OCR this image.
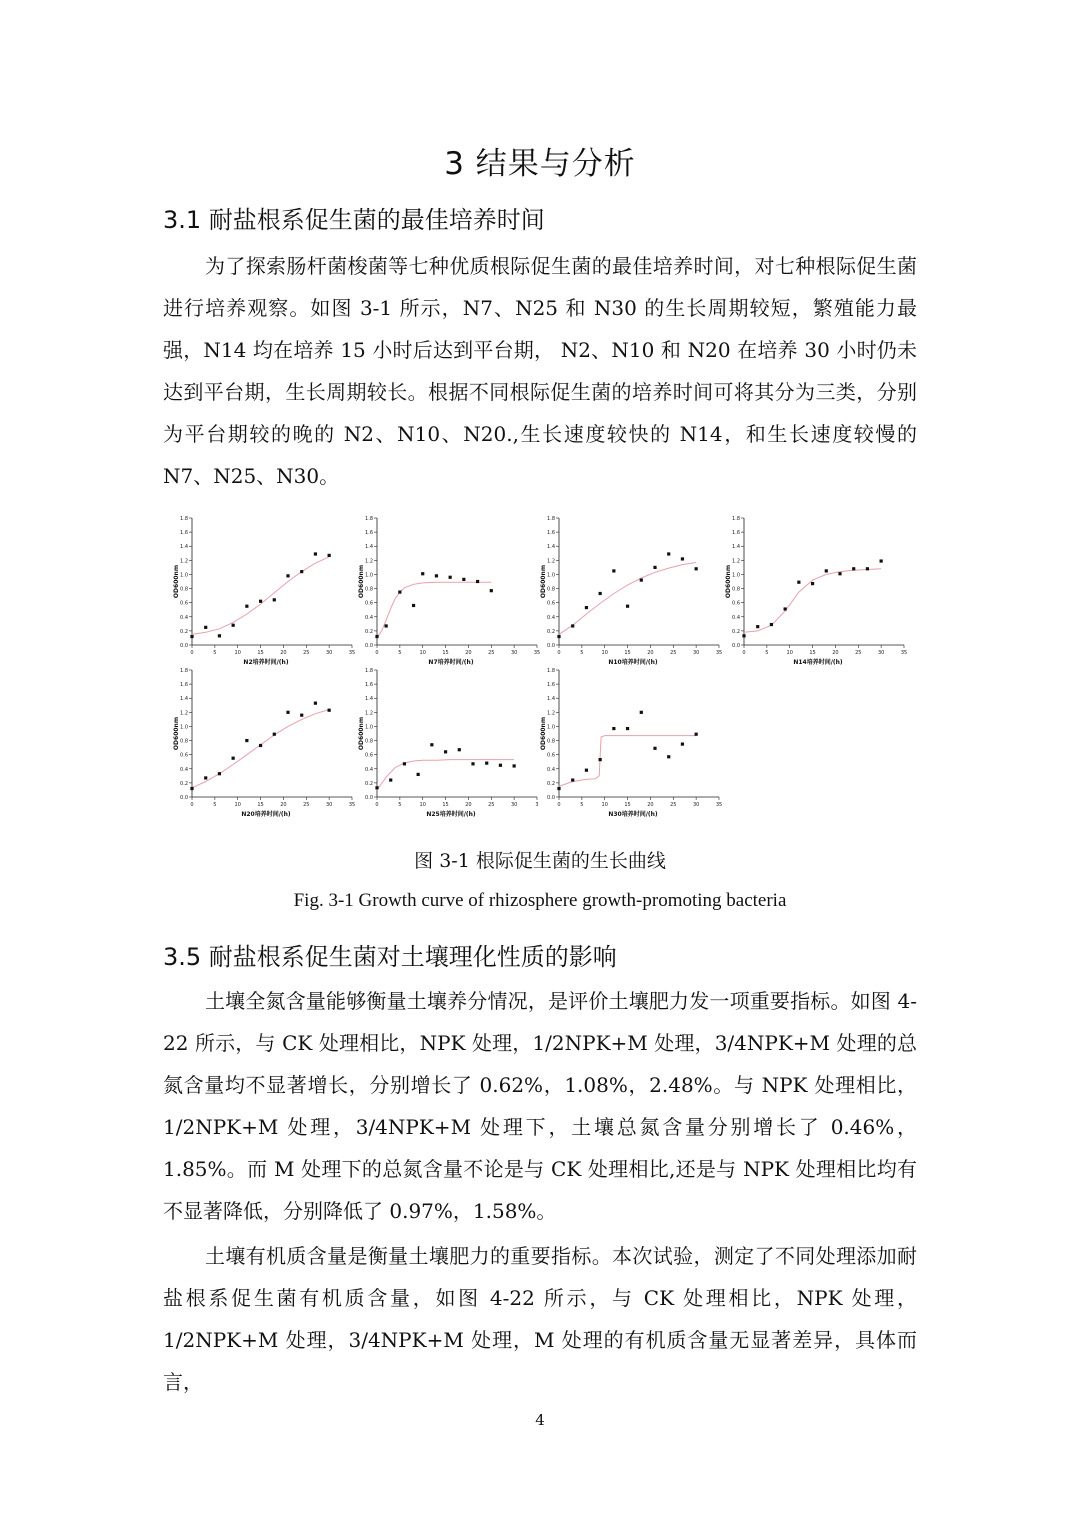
3 结果与分析
3.1 耐盐根系促生菌的最佳培养时间

为了探索肠杆菌梭菌等七种优质根际促生菌的最佳培养时间，对七种根际促生菌进行培养观察。如图 3-1 所示，N7、N25 和 N30 的生长周期较短，繁殖能力最强，N14 均在培养 15 小时后达到平台期， N2、N10 和 N20 在培养 30 小时仍未达到平台期，生长周期较长。根据不同根际促生菌的培养时间可将其分为三类，分别为平台期较的晚的 N2、N10、N20.,生长速度较快的 N14，和生长速度较慢的 N7、N25、N30。

0.0
0.2
0.4
0.6
0.8
1.0
1.2
1.4
1.6
1.8
0	5	10	15	20	25	30	35
N2培养时间/(h)
OD600nm
0.0
0.2
0.4
0.6
0.8
1.0
1.2
1.4
1.6
1.8
0	5	10	15	20	25	30	35
N7培养时间/(h)
OD600nm
0.0
0.2
0.4
0.6
0.8
1.0
1.2
1.4
1.6
1.8
0	5	10	15	20	25	30	35
N10培养时间/(h)
OD600nm
0.0
0.2
0.4
0.6
0.8
1.0
1.2
1.4
1.6
1.8
0	5	10	15	20	25	30	35
N14培养时间/(h)
OD600nm
0.0
0.2
0.4
0.6
0.8
1.0
1.2
1.4
1.6
1.8
0	5	10	15	20	25	30	35
N20培养时间/(h)
OD600nm
0.0
0.2
0.4
0.6
0.8
1.0
1.2
1.4
1.6
1.8
0	5	10	15	20	25	30	3
N25培养时间/(h)
OD600nm
0.0
0.2
0.4
0.6
0.8
1.0
1.2
1.4
1.6
1.8
0	5	10	15	20	25	30	35
N30培养时间/(h)
OD600nm
图 3-1 根际促生菌的生长曲线
Fig. 3-1 Growth curve of rhizosphere growth-promoting bacteria
3.5 耐盐根系促生菌对土壤理化性质的影响

土壤全氮含量能够衡量土壤养分情况，是评价土壤肥力发一项重要指标。如图 4-22 所示，与 CK 处理相比，NPK 处理，1/2NPK+M 处理，3/4NPK+M 处理的总氮含量均不显著增长，分别增长了 0.62%，1.08%，2.48%。与 NPK 处理相比，1/2NPK+M 处理，3/4NPK+M 处理下，土壤总氮含量分别增长了 0.46%，1.85%。而 M 处理下的总氮含量不论是与 CK 处理相比,还是与 NPK 处理相比均有不显著降低，分别降低了 0.97%，1.58%。

土壤有机质含量是衡量土壤肥力的重要指标。本次试验，测定了不同处理添加耐盐根系促生菌有机质含量，如图 4-22 所示，与 CK 处理相比，NPK 处理，1/2NPK+M 处理，3/4NPK+M 处理，M 处理的有机质含量无显著差异，具体而言，

4
